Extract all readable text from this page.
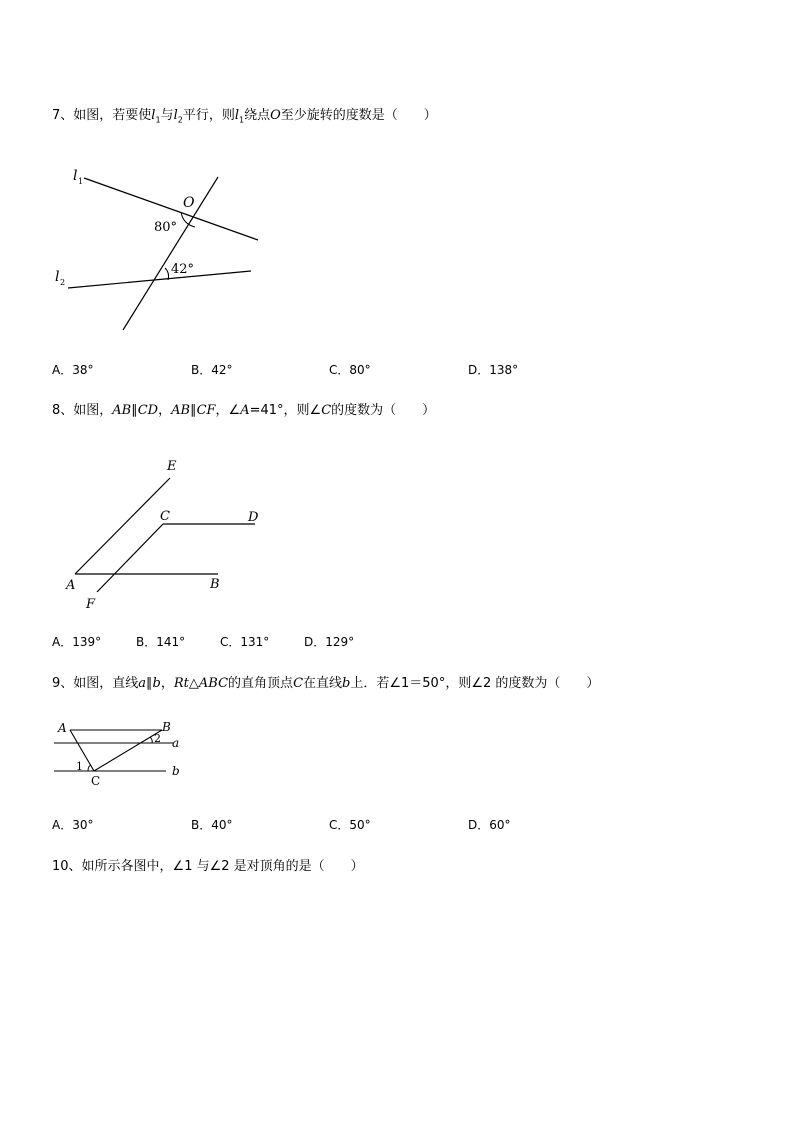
7、如图，若要使$l_1$与$l_2$平行，则$l_1$绕点O至少旋转的度数是（　　）
l 1
l 2
O
80°
42°
A．38°	B．42°	C．80°	D．138°
8、如图，AB∥CD，AB∥CF，∠A=41°，则∠C的度数为（　　）
E
C	D
A	B
F
A．139°	B．141°	C．131°	D．129°
9、如图，直线a∥b，Rt△ABC的直角顶点C在直线b上．若∠1＝50°，则∠2 的度数为（　　）
A	B
a
b
1
2
C
A．30°	B．40°	C．50°	D．60°
10、如所示各图中，∠1 与∠2 是对顶角的是（　　）
